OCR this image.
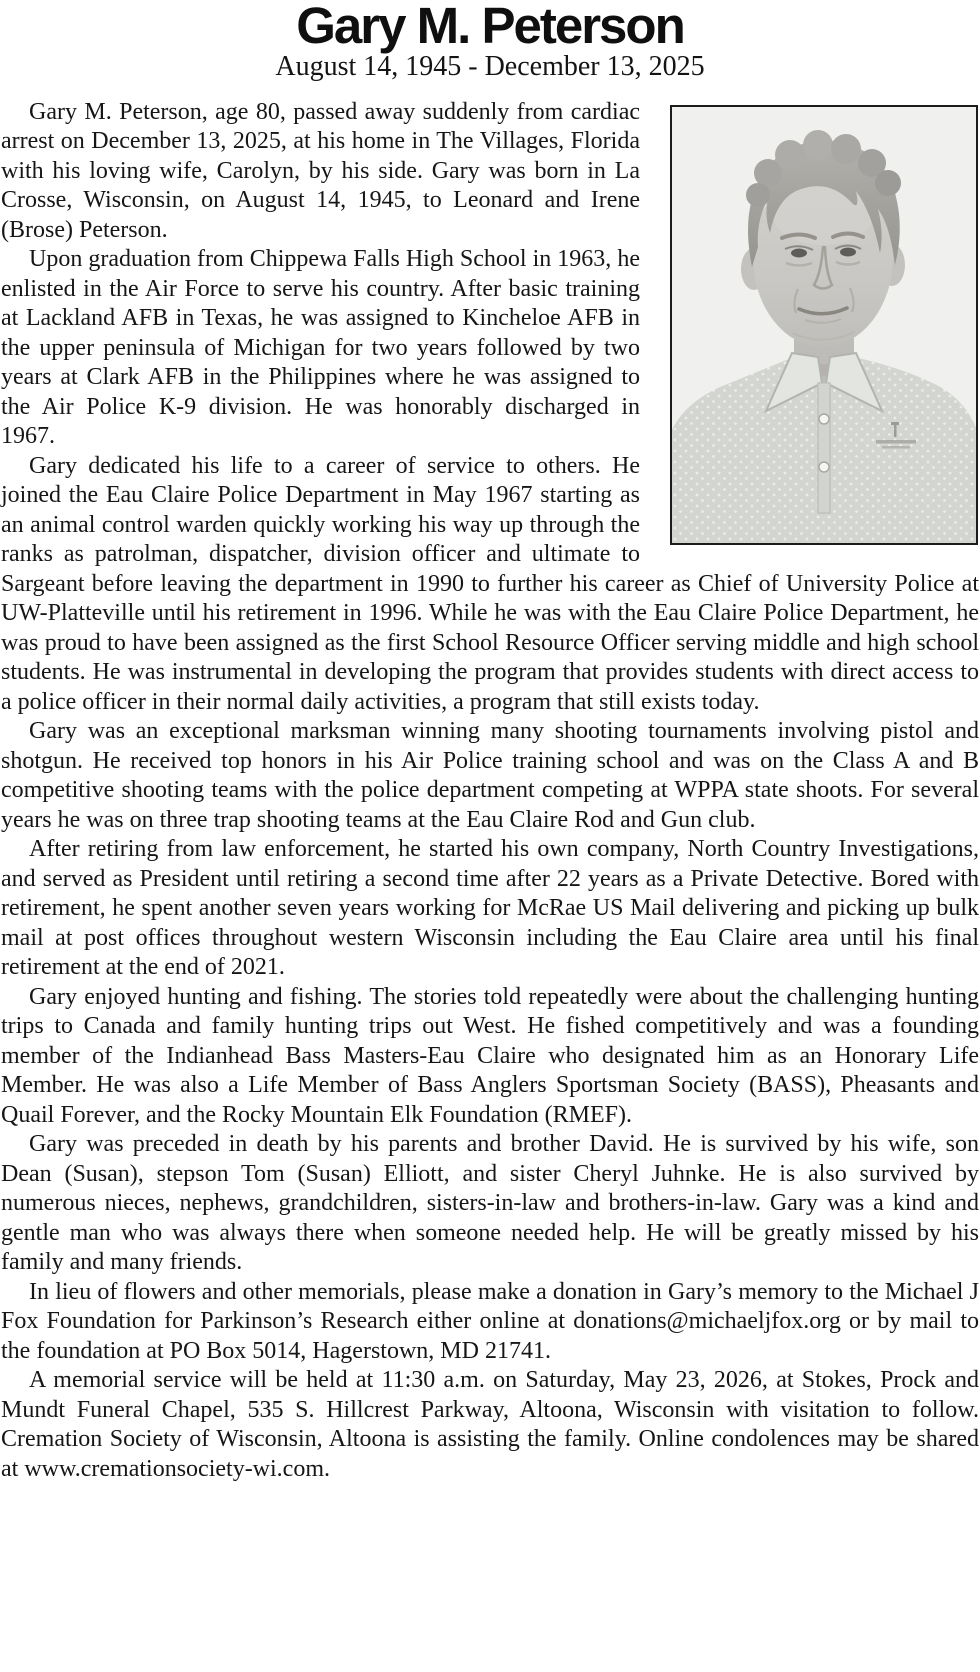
Gary M. Peterson
August 14, 1945 - December 13, 2025

Gary M. Peterson, age 80, passed away suddenly from cardiac arrest on December 13, 2025, at his home in The Villages, Florida with his loving wife, Carolyn, by his side. Gary was born in La Crosse, Wisconsin, on August 14, 1945, to Leonard and Irene (Brose) Peterson.

Upon graduation from Chippewa Falls High School in 1963, he enlisted in the Air Force to serve his country. After basic training at Lackland AFB in Texas, he was assigned to Kincheloe AFB in the upper peninsula of Michigan for two years followed by two years at Clark AFB in the Philippines where he was assigned to the Air Police K-9 division. He was honorably discharged in 1967.

Gary dedicated his life to a career of service to others. He joined the Eau Claire Police Department in May 1967 starting as an animal control warden quickly working his way up through the ranks as patrolman, dispatcher, division officer and ultimate to Sargeant before leaving the department in 1990 to further his career as Chief of University Police at UW-Platteville until his retirement in 1996. While he was with the Eau Claire Police Department, he was proud to have been assigned as the first School Resource Officer serving middle and high school students. He was instrumental in developing the program that provides students with direct access to a police officer in their normal daily activities, a program that still exists today.

Gary was an exceptional marksman winning many shooting tournaments involving pistol and shotgun. He received top honors in his Air Police training school and was on the Class A and B competitive shooting teams with the police department competing at WPPA state shoots. For several years he was on three trap shooting teams at the Eau Claire Rod and Gun club.

After retiring from law enforcement, he started his own company, North Country Investigations, and served as President until retiring a second time after 22 years as a Private Detective. Bored with retirement, he spent another seven years working for McRae US Mail delivering and picking up bulk mail at post offices throughout western Wisconsin including the Eau Claire area until his final retirement at the end of 2021.

Gary enjoyed hunting and fishing. The stories told repeatedly were about the challenging hunting trips to Canada and family hunting trips out West. He fished competitively and was a founding member of the Indianhead Bass Masters-Eau Claire who designated him as an Honorary Life Member. He was also a Life Member of Bass Anglers Sportsman Society (BASS), Pheasants and Quail Forever, and the Rocky Mountain Elk Foundation (RMEF).

Gary was preceded in death by his parents and brother David. He is survived by his wife, son Dean (Susan), stepson Tom (Susan) Elliott, and sister Cheryl Juhnke. He is also survived by numerous nieces, nephews, grandchildren, sisters-in-law and brothers-in-law. Gary was a kind and gentle man who was always there when someone needed help. He will be greatly missed by his family and many friends.

In lieu of flowers and other memorials, please make a donation in Gary’s memory to the Michael J Fox Foundation for Parkinson’s Research either online at donations@michaeljfox.org or by mail to the foundation at PO Box 5014, Hagerstown, MD 21741.

A memorial service will be held at 11:30 a.m. on Saturday, May 23, 2026, at Stokes, Prock and Mundt Funeral Chapel, 535 S. Hillcrest Parkway, Altoona, Wisconsin with visitation to follow. Cremation Society of Wisconsin, Altoona is assisting the family. Online condolences may be shared at www.cremationsociety-wi.com.
